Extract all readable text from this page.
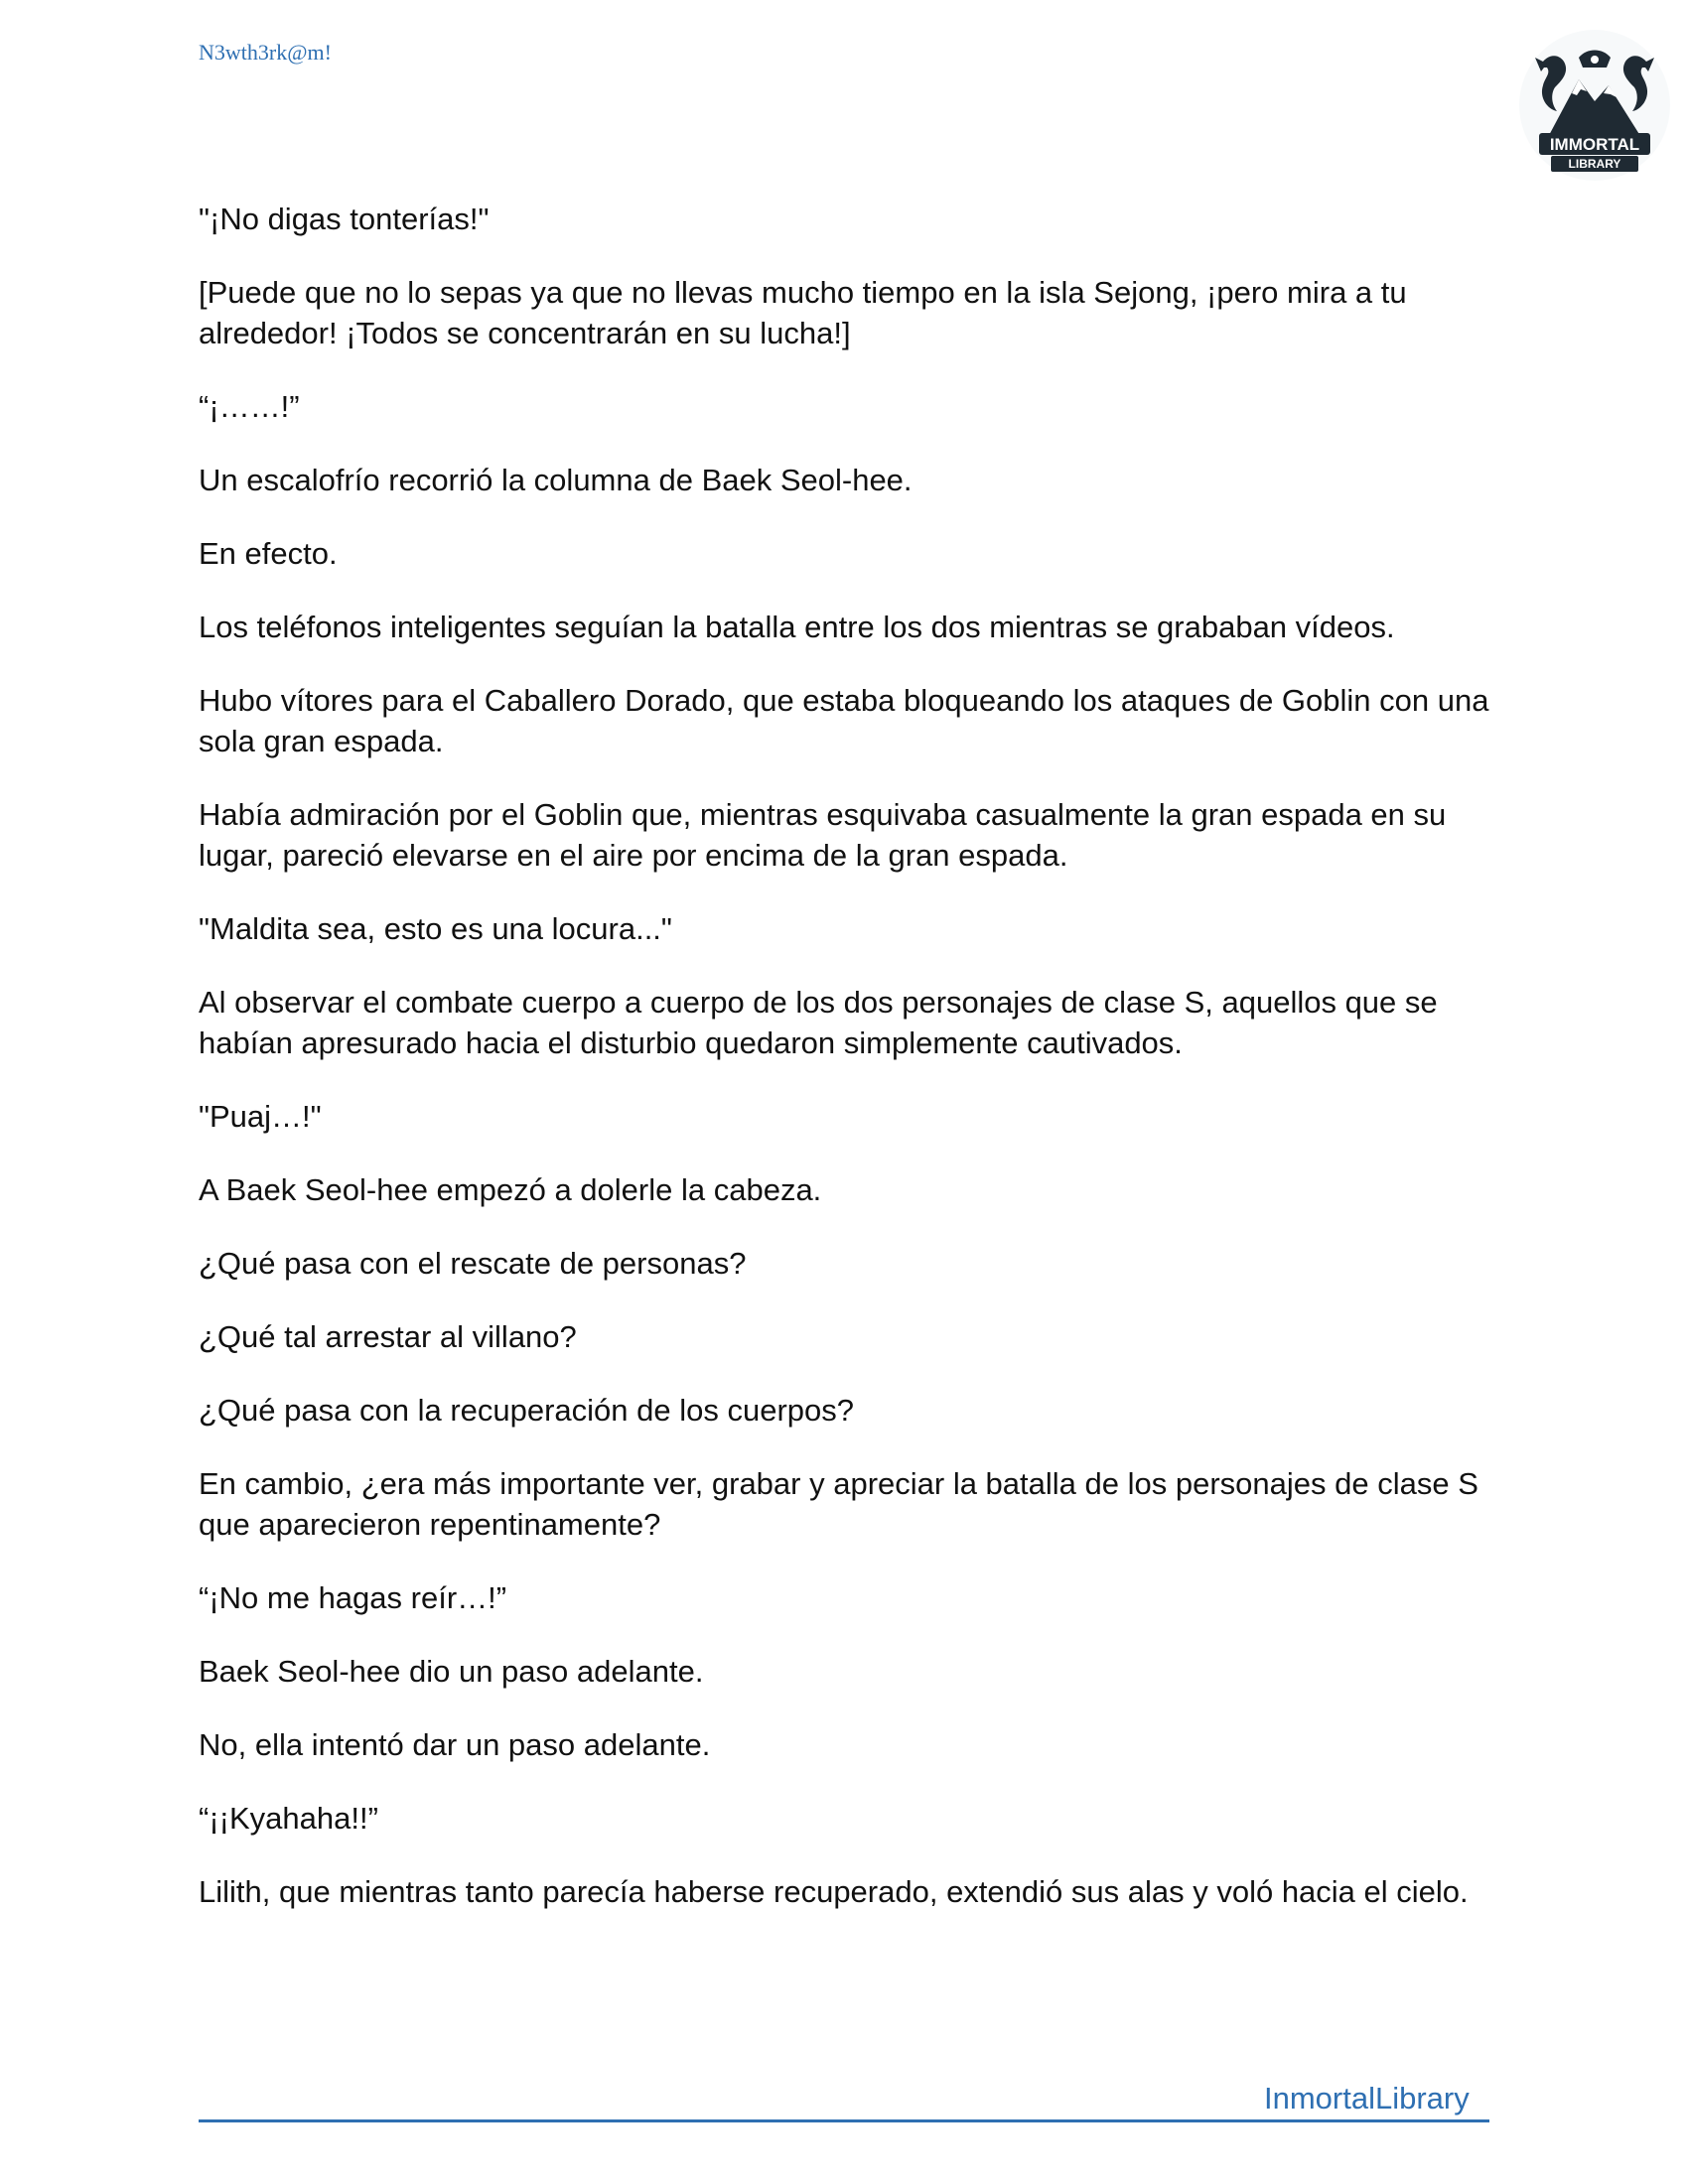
N3wth3rk@m!
IMMORTAL
LIBRARY

"¡No digas tonterías!"

[Puede que no lo sepas ya que no llevas mucho tiempo en la isla Sejong, ¡pero mira a tu alrededor! ¡Todos se concentrarán en su lucha!]

“¡……!”

Un escalofrío recorrió la columna de Baek Seol-hee.

En efecto.

Los teléfonos inteligentes seguían la batalla entre los dos mientras se grababan vídeos.

Hubo vítores para el Caballero Dorado, que estaba bloqueando los ataques de Goblin con una sola gran espada.

Había admiración por el Goblin que, mientras esquivaba casualmente la gran espada en su lugar, pareció elevarse en el aire por encima de la gran espada.

"Maldita sea, esto es una locura..."

Al observar el combate cuerpo a cuerpo de los dos personajes de clase S, aquellos que se habían apresurado hacia el disturbio quedaron simplemente cautivados.

"Puaj…!"

A Baek Seol-hee empezó a dolerle la cabeza.

¿Qué pasa con el rescate de personas?

¿Qué tal arrestar al villano?

¿Qué pasa con la recuperación de los cuerpos?

En cambio, ¿era más importante ver, grabar y apreciar la batalla de los personajes de clase S que aparecieron repentinamente?

“¡No me hagas reír…!”

Baek Seol-hee dio un paso adelante.

No, ella intentó dar un paso adelante.

“¡¡Kyahaha!!”

Lilith, que mientras tanto parecía haberse recuperado, extendió sus alas y voló hacia el cielo.

InmortalLibrary
